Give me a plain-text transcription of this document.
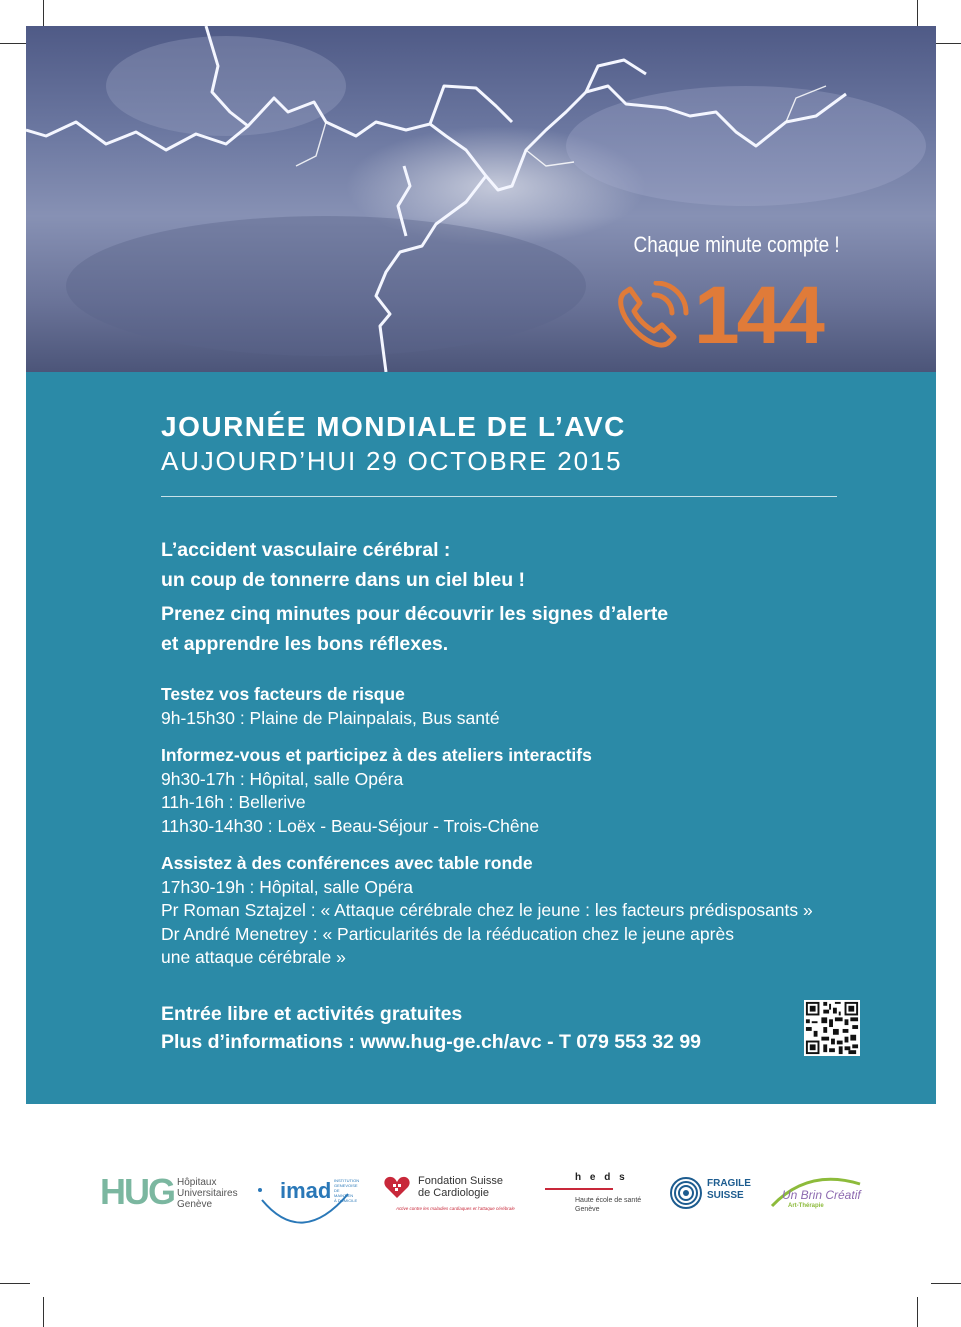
Chaque minute compte !
144
JOURNÉE MONDIALE DE L’AVC
AUJOURD’HUI 29 OCTOBRE 2015

L’accident vasculaire cérébral :
un coup de tonnerre dans un ciel bleu !

Prenez cinq minutes pour découvrir les signes d’alerte
et apprendre les bons réflexes.

Testez vos facteurs de risque
9h-15h30 : Plaine de Plainpalais, Bus santé
Informez-vous et participez à des ateliers interactifs
9h30-17h : Hôpital, salle Opéra
11h-16h : Bellerive
11h30-14h30 : Loëx - Beau-Séjour - Trois-Chêne
Assistez à des conférences avec table ronde
17h30-19h : Hôpital, salle Opéra
Pr Roman Sztajzel : « Attaque cérébrale chez le jeune : les facteurs prédisposants »
Dr André Menetrey : « Particularités de la rééducation chez le jeune après
une attaque cérébrale »
Entrée libre et activités gratuites
Plus d’informations : www.hug-ge.ch/avc - T 079 553 32 99
HUG Hôpitaux
Universitaires
Genève
imad INSTITUTION
GENEVOISE
DE MAINTIEN
À DOMICILE
Fondation Suisse
de Cardiologie
Active contre les maladies cardiaques et l’attaque cérébrale
h e d s
Haute école de santé
Genève
FRAGILE
SUISSE	Un Brin Créatif
Art-Thérapie
